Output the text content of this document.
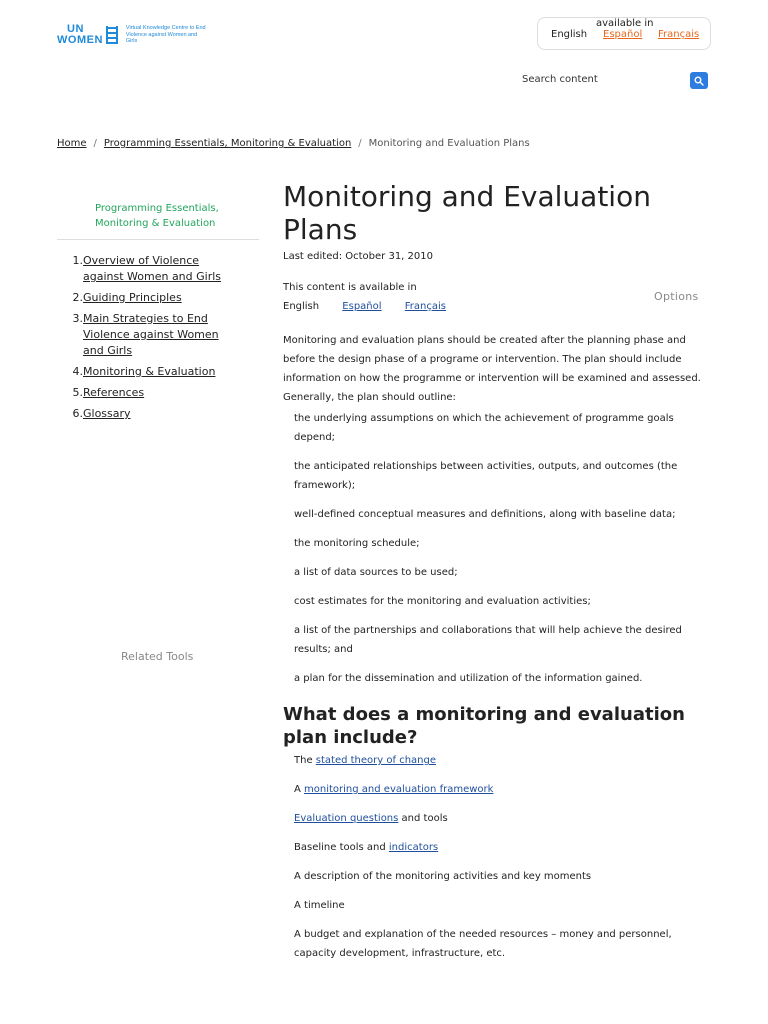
UN
WOMEN
Virtual Knowledge Centre to End Violence against Women and Girls
available in
English Español Français
Search content
Home / Programming Essentials, Monitoring & Evaluation / Monitoring and Evaluation Plans
Programming Essentials, Monitoring & Evaluation
1. Overview of Violence against Women and Girls
2. Guiding Principles
3. Main Strategies to End Violence against Women and Girls
4. Monitoring & Evaluation
5. References
6. Glossary
Related Tools
Monitoring and Evaluation Plans
Last edited: October 31, 2010
This content is available in
English Español Français
Options

Monitoring and evaluation plans should be created after the planning phase and before the design phase of a programe or intervention. The plan should include information on how the programme or intervention will be examined and assessed. Generally, the plan should outline:

the underlying assumptions on which the achievement of programme goals depend;
the anticipated relationships between activities, outputs, and outcomes (the framework);
well-defined conceptual measures and definitions, along with baseline data;
the monitoring schedule;
a list of data sources to be used;
cost estimates for the monitoring and evaluation activities;
a list of the partnerships and collaborations that will help achieve the desired results; and
a plan for the dissemination and utilization of the information gained.
What does a monitoring and evaluation plan include?
The stated theory of change
A monitoring and evaluation framework
Evaluation questions and tools
Baseline tools and indicators
A description of the monitoring activities and key moments
A timeline
A budget and explanation of the needed resources – money and personnel, capacity development, infrastructure, etc.
